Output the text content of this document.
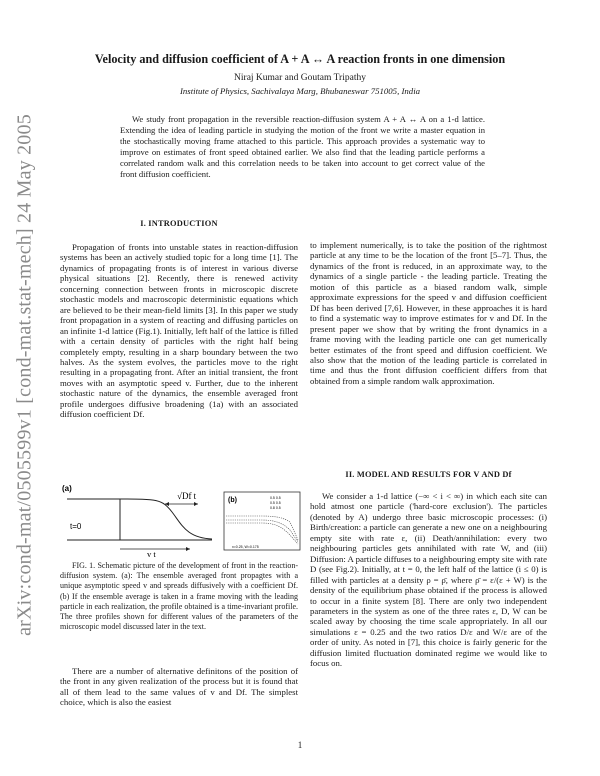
arXiv:cond-mat/0505599v1 [cond-mat.stat-mech] 24 May 2005
Velocity and diffusion coefficient of A + A ↔ A reaction fronts in one dimension
Niraj Kumar and Goutam Tripathy
Institute of Physics, Sachivalaya Marg, Bhubaneswar 751005, India
We study front propagation in the reversible reaction-diffusion system A + A ↔ A on a 1-d lattice. Extending the idea of leading particle in studying the motion of the front we write a master equation in the stochastically moving frame attached to this particle. This approach provides a systematic way to improve on estimates of front speed obtained earlier. We also find that the leading particle performs a correlated random walk and this correlation needs to be taken into account to get correct value of the front diffusion coefficient.
I. INTRODUCTION

Propagation of fronts into unstable states in reaction-diffusion systems has been an actively studied topic for a long time [1]. The dynamics of propagating fronts is of interest in various diverse physical situations [2]. Recently, there is renewed activity concerning connection between fronts in microscopic discrete stochastic models and macroscopic deterministic equations which are believed to be their mean-field limits [3]. In this paper we study front propagation in a system of reacting and diffusing particles on an infinite 1-d lattice (Fig.1). Initially, left half of the lattice is filled with a certain density of particles with the right half being completely empty, resulting in a sharp boundary between the two halves. As the system evolves, the particles move to the right resulting in a propagating front. After an initial transient, the front moves with an asymptotic speed v. Further, due to the inherent stochastic nature of the dynamics, the ensemble averaged front profile undergoes diffusive broadening (1a) with an associated diffusion coefficient Df.

(a)
√Df t
t=0
v t
(b)	0.5 0.5
0.5 0.5
0.8 0.5
x=0.25, W=0.175
FIG. 1. Schematic picture of the development of front in the reaction-diffusion system. (a): The ensemble averaged front propagtes with a unique asymptotic speed v and spreads diffusively with a coefficient Df. (b) If the ensemble average is taken in a frame moving with the leading particle in each realization, the profile obtained is a time-invariant profile. The three profiles shown for different values of the parameters of the microscopic model discussed later in the text.

There are a number of alternative definitons of the position of the front in any given realization of the process but it is found that all of them lead to the same values of v and Df. The simplest choice, which is also the easiest

to implement numerically, is to take the position of the rightmost particle at any time to be the location of the front [5–7]. Thus, the dynamics of the front is reduced, in an approximate way, to the dynamics of a single particle - the leading particle. Treating the motion of this particle as a biased random walk, simple approximate expressions for the speed v and diffusion coefficient Df has been derived [7,6]. However, in these approaches it is hard to find a systematic way to improve estimates for v and Df. In the present paper we show that by writing the front dynamics in a frame moving with the leading particle one can get numerically better estimates of the front speed and diffusion coefficient. We also show that the motion of the leading particle is correlated in time and thus the front diffusion coefficient differs from that obtained from a simple random walk approximation.

II. MODEL AND RESULTS FOR V AND Df

We consider a 1-d lattice (−∞ < i < ∞) in which each site can hold atmost one particle ('hard-core exclusion'). The particles (denoted by A) undergo three basic microscopic processes: (i) Birth/creation: a particle can generate a new one on a neighbouring empty site with rate ε, (ii) Death/annihilation: every two neighbouring particles gets annihilated with rate W, and (iii) Diffusion: A particle diffuses to a neighbouring empty site with rate D (see Fig.2). Initially, at t = 0, the left half of the lattice (i ≤ 0) is filled with particles at a density ρ = ρ̄, where ρ̄ = ε/(ε + W) is the density of the equilibrium phase obtained if the process is allowed to occur in a finite system [8]. There are only two independent parameters in the system as one of the three rates ε, D, W can be scaled away by choosing the time scale appropriately. In all our simulations ε = 0.25 and the two ratios D/ε and W/ε are of the order of unity. As noted in [7], this choice is fairly generic for the diffusion limited fluctuation dominated regime we would like to focus on.

1
